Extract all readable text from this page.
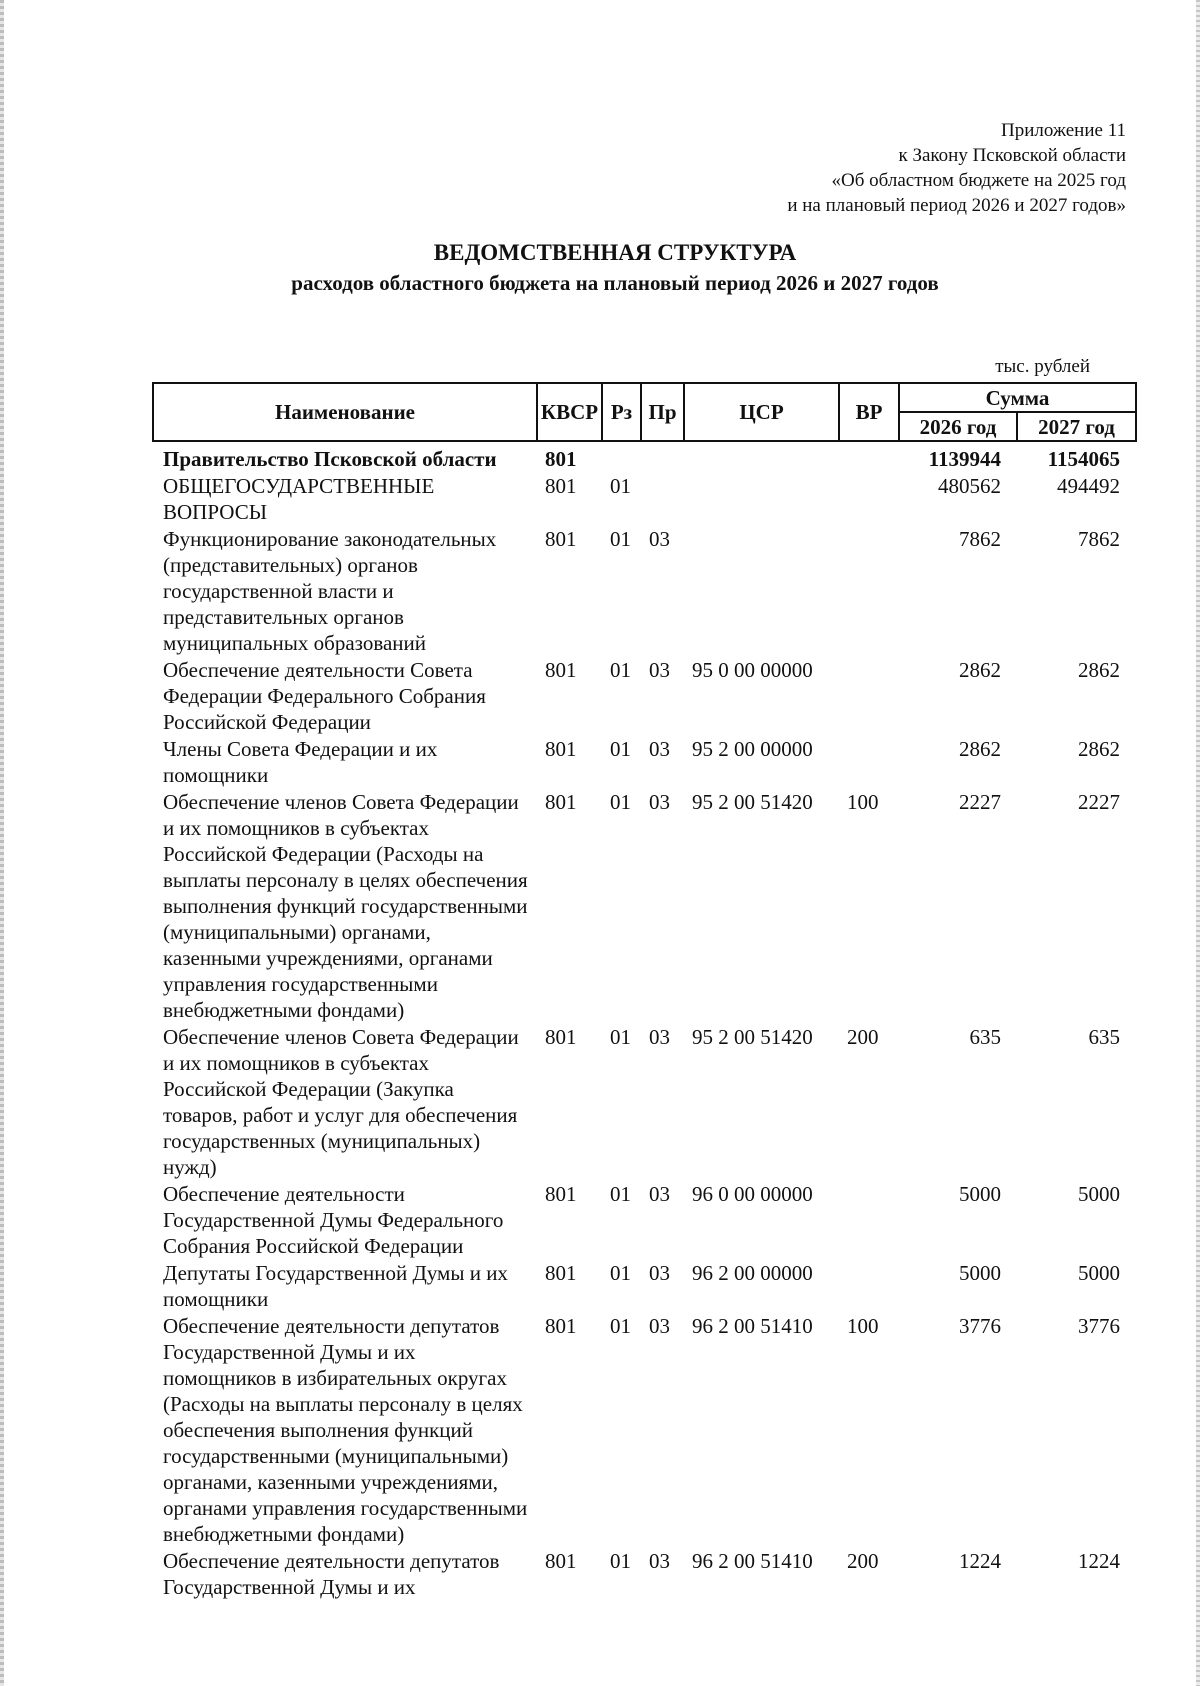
Приложение 11
к Закону Псковской области
«Об областном бюджете на 2025 год
и на плановый период 2026 и 2027 годов»
ВЕДОМСТВЕННАЯ СТРУКТУРА
расходов областного бюджета на плановый период 2026 и 2027 годов
тыс. рублей
Наименование	КВСР	Рз	Пр	ЦСР	ВР	Сумма	
						2026 год	2027 год
Правительство Псковской области	801					1139944	1154065
ОБЩЕГОСУДАРСТВЕННЫЕ ВОПРОСЫ	801	01				480562	494492
Функционирование законодательных (представительных) органов государственной власти и представительных органов муниципальных образований	801	01	03			7862	7862
Обеспечение деятельности Совета Федерации Федерального Собрания Российской Федерации	801	01	03	95 0 00 00000		2862	2862
Члены Совета Федерации и их помощники	801	01	03	95 2 00 00000		2862	2862
Обеспечение членов Совета Федерации и их помощников в субъектах Российской Федерации (Расходы на выплаты персоналу в целях обеспечения выполнения функций государственными (муниципальными) органами, казенными учреждениями, органами управления государственными внебюджетными фондами)	801	01	03	95 2 00 51420	100	2227	2227
Обеспечение членов Совета Федерации и их помощников в субъектах Российской Федерации (Закупка товаров, работ и услуг для обеспечения государственных (муниципальных) нужд)	801	01	03	95 2 00 51420	200	635	635
Обеспечение деятельности Государственной Думы Федерального Собрания Российской Федерации	801	01	03	96 0 00 00000		5000	5000
Депутаты Государственной Думы и их помощники	801	01	03	96 2 00 00000		5000	5000
Обеспечение деятельности депутатов Государственной Думы и их помощников в избирательных округах (Расходы на выплаты персоналу в целях обеспечения выполнения функций государственными (муниципальными) органами, казенными учреждениями, органами управления государственными внебюджетными фондами)	801	01	03	96 2 00 51410	100	3776	3776
Обеспечение деятельности депутатов Государственной Думы и их	801	01	03	96 2 00 51410	200	1224	1224
